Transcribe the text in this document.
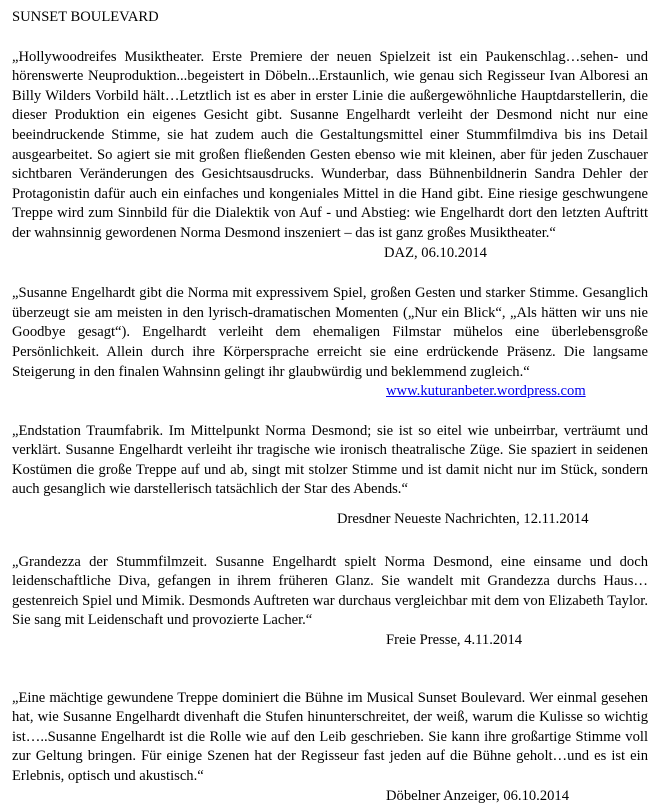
SUNSET BOULEVARD

„Hollywoodreifes Musiktheater. Erste Premiere der neuen Spielzeit ist ein Paukenschlag…sehen- und hörenswerte Neuproduktion...begeistert in Döbeln...Erstaunlich, wie genau sich Regisseur Ivan Alboresi an Billy Wilders Vorbild hält…Letztlich ist es aber in erster Linie die außergewöhnliche Hauptdarstellerin, die dieser Produktion ein eigenes Gesicht gibt. Susanne Engelhardt verleiht der Desmond nicht nur eine beeindruckende Stimme, sie hat zudem auch die Gestaltungsmittel einer Stummfilmdiva bis ins Detail ausgearbeitet. So agiert sie mit großen fließenden Gesten ebenso wie mit kleinen, aber für jeden Zuschauer sichtbaren Veränderungen des Gesichtsausdrucks. Wunderbar, dass Bühnenbildnerin Sandra Dehler der Protagonistin dafür auch ein einfaches und kongeniales Mittel in die Hand gibt. Eine riesige geschwungene Treppe wird zum Sinnbild für die Dialektik von Auf - und Abstieg: wie Engelhardt dort den letzten Auftritt der wahnsinnig gewordenen Norma Desmond inszeniert – das ist ganz großes Musiktheater.“

DAZ, 06.10.2014

„Susanne Engelhardt gibt die Norma mit expressivem Spiel, großen Gesten und starker Stimme. Gesanglich überzeugt sie am meisten in den lyrisch-dramatischen Momenten („Nur ein Blick“, „Als hätten wir uns nie Goodbye gesagt“). Engelhardt verleiht dem ehemaligen Filmstar mühelos eine überlebensgroße Persönlichkeit. Allein durch ihre Körpersprache erreicht sie eine erdrückende Präsenz. Die langsame Steigerung in den finalen Wahnsinn gelingt ihr glaubwürdig und beklemmend zugleich.“

www.kuturanbeter.wordpress.com

„Endstation Traumfabrik. Im Mittelpunkt Norma Desmond; sie ist so eitel wie unbeirrbar, verträumt und verklärt. Susanne Engelhardt verleiht ihr tragische wie ironisch theatralische Züge. Sie spaziert in seidenen Kostümen die große Treppe auf und ab, singt mit stolzer Stimme und ist damit nicht nur im Stück, sondern auch gesanglich wie darstellerisch tatsächlich der Star des Abends.“

Dresdner Neueste Nachrichten, 12.11.2014

„Grandezza der Stummfilmzeit. Susanne Engelhardt spielt Norma Desmond, eine einsame und doch leidenschaftliche Diva, gefangen in ihrem früheren Glanz. Sie wandelt mit Grandezza durchs Haus…gestenreich Spiel und Mimik. Desmonds Auftreten war durchaus vergleichbar mit dem von Elizabeth Taylor. Sie sang mit Leidenschaft und provozierte Lacher.“

Freie Presse, 4.11.2014

„Eine mächtige gewundene Treppe dominiert die Bühne im Musical Sunset Boulevard. Wer einmal gesehen hat, wie Susanne Engelhardt divenhaft die Stufen hinunterschreitet, der weiß, warum die Kulisse so wichtig ist…..Susanne Engelhardt ist die Rolle wie auf den Leib geschrieben. Sie kann ihre großartige Stimme voll zur Geltung bringen. Für einige Szenen hat der Regisseur fast jeden auf die Bühne geholt…und es ist ein Erlebnis, optisch und akustisch.“

Döbelner Anzeiger, 06.10.2014
